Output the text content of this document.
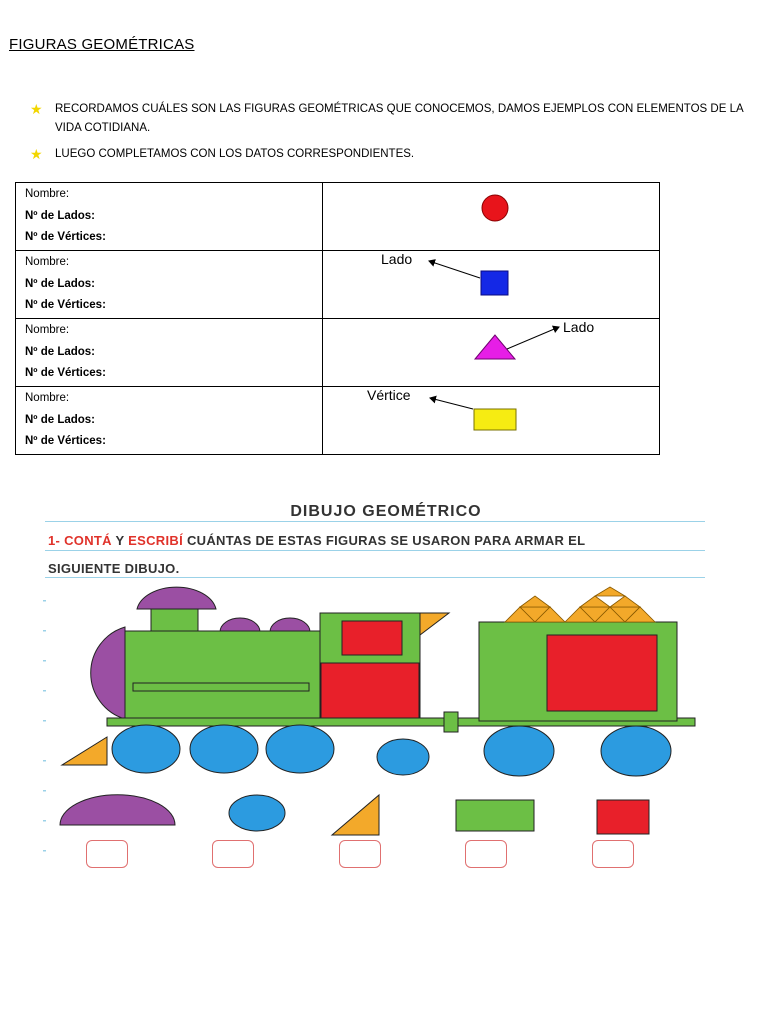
FIGURAS GEOMÉTRICAS
★	RECORDAMOS CUÁLES SON LAS FIGURAS GEOMÉTRICAS QUE CONOCEMOS, DAMOS EJEMPLOS CON ELEMENTOS DE LA VIDA COTIDIANA.
★	LUEGO COMPLETAMOS CON LOS DATOS CORRESPONDIENTES.
Nombre:
Nº de Lados:
Nº de Vértices:

Nombre:
Nº de Lados:
Nº de Vértices:	Lado

Nombre:
Nº de Lados:
Nº de Vértices:	Lado

Nombre:
Nº de Lados:
Nº de Vértices:	Vértice
DIBUJO GEOMÉTRICO
1- CONTÁ Y ESCRIBÍ CUÁNTAS DE ESTAS FIGURAS SE USARON PARA ARMAR EL
SIGUIENTE DIBUJO.
